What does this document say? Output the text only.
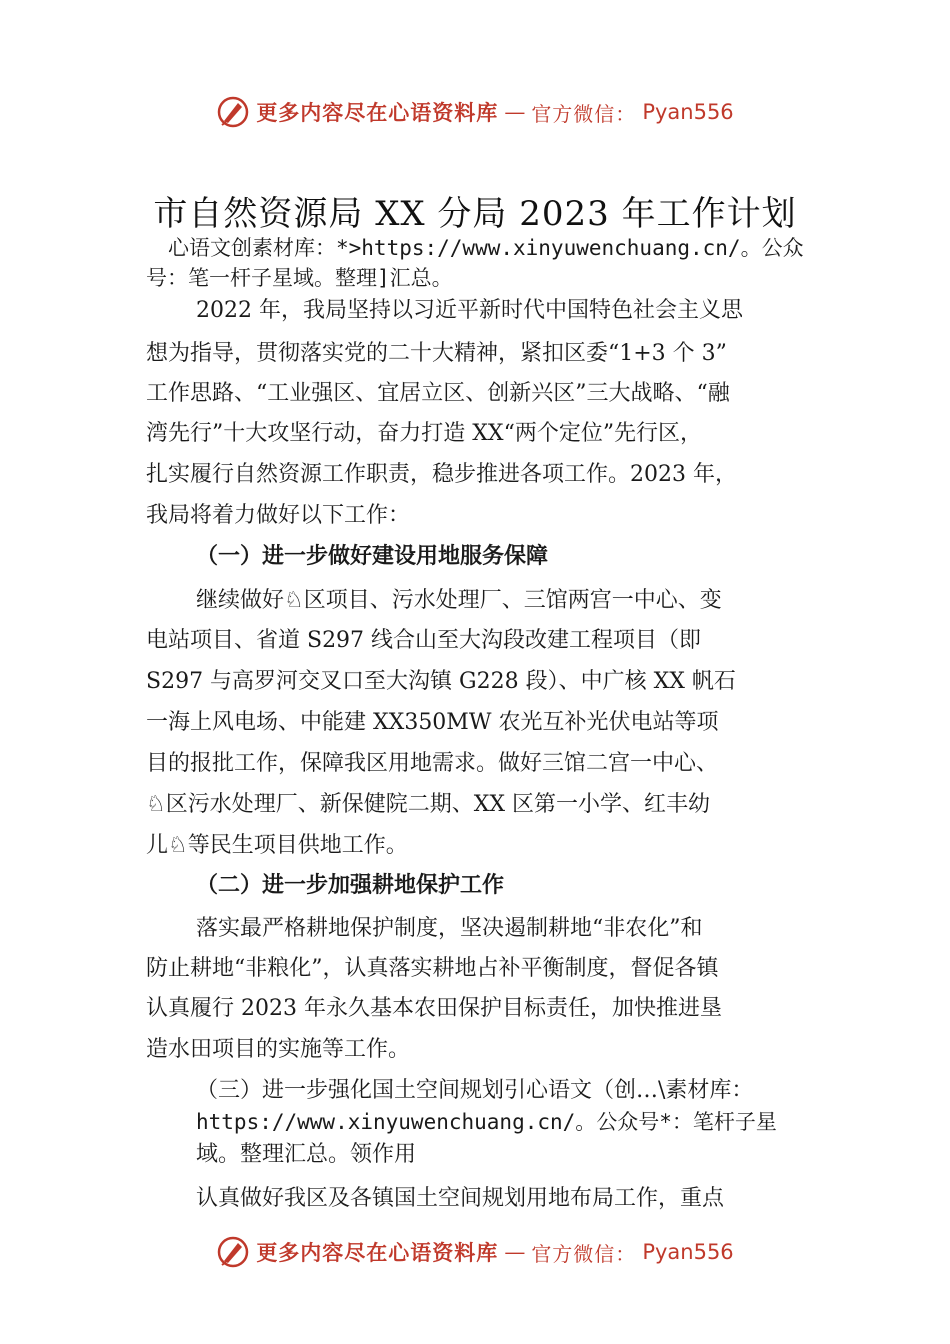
更多内容尽在心语资料库 — 官方微信： Pyan556
市自然资源局 XX 分局 2023 年工作计划
心语文创素材库：*>https://www.xinyuwenchuang.cn/。公众
号：笔一杆子星域。整理]汇总。
2022 年，我局坚持以习近平新时代中国特色社会主义思
想为指导，贯彻落实党的二十大精神，紧扣区委“1+3 个 3”
工作思路、“工业强区、宜居立区、创新兴区”三大战略、“融
湾先行”十大攻坚行动，奋力打造 XX“两个定位”先行区，
扎实履行自然资源工作职责，稳步推进各项工作。2023 年，
我局将着力做好以下工作：
（一）进一步做好建设用地服务保障
继续做好♘区项目、污水处理厂、三馆两宫一中心、变
电站项目、省道 S297 线合山至大沟段改建工程项目（即
S297 与高罗河交叉口至大沟镇 G228 段）、中广核 XX 帆石
一海上风电场、中能建 XX350MW 农光互补光伏电站等项
目的报批工作，保障我区用地需求。做好三馆二宫一中心、
♘区污水处理厂、新保健院二期、XX 区第一小学、红丰幼
儿♘等民生项目供地工作。
（二）进一步加强耕地保护工作
落实最严格耕地保护制度，坚决遏制耕地“非农化”和
防止耕地“非粮化”，认真落实耕地占补平衡制度，督促各镇
认真履行 2023 年永久基本农田保护目标责任，加快推进垦
造水田项目的实施等工作。
（三）进一步强化国土空间规划引心语文（创…\素材库：
https://www.xinyuwenchuang.cn/。公众号*：笔杆子星
域。整理汇总。领作用
认真做好我区及各镇国土空间规划用地布局工作，重点
更多内容尽在心语资料库 — 官方微信： Pyan556
